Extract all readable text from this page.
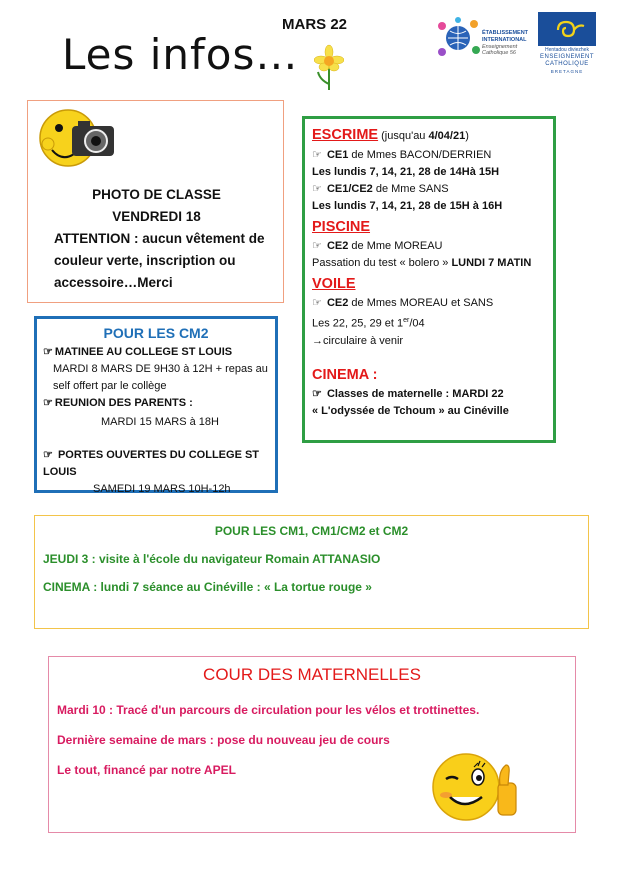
Les infos…
MARS 22	ÉTABLISSEMENT
INTERNATIONAL
Enseignement Catholique 56	Hentadou diviezhek
ENSEIGNEMENT
CATHOLIQUE
BRETAGNE
PHOTO DE CLASSE
VENDREDI 18
ATTENTION : aucun vêtement de
couleur verte, inscription ou
accessoire…Merci
POUR LES CM2
☞ MATINEE AU COLLEGE ST LOUIS
MARDI 8 MARS DE 9H30 à 12H + repas au
self offert par le collège
☞ REUNION DES PARENTS :
MARDI 15 MARS à 18H
☞ PORTES OUVERTES DU COLLEGE ST LOUIS
SAMEDI 19 MARS 10H-12h
ESCRIME (jusqu'au 4/04/21)
☞ CE1 de Mmes BACON/DERRIEN
Les lundis 7, 14, 21, 28 de 14Hà 15H
☞ CE1/CE2 de Mme SANS
Les lundis 7, 14, 21, 28 de 15H à 16H
PISCINE
☞ CE2 de Mme MOREAU
Passation du test « bolero » LUNDI 7 MATIN
VOILE
☞ CE2 de Mmes MOREAU et SANS
Les 22, 25, 29 et 1er/04
→circulaire à venir
CINEMA :
☞ Classes de maternelle : MARDI 22
« L'odyssée de Tchoum » au Cinéville
POUR LES CM1, CM1/CM2 et CM2
JEUDI 3 : visite à l'école du navigateur Romain ATTANASIO
CINEMA : lundi 7 séance au Cinéville : « La tortue rouge »
COUR DES MATERNELLES
Mardi 10 : Tracé d'un parcours de circulation pour les vélos et trottinettes.
Dernière semaine de mars : pose du nouveau jeu de cours
Le tout, financé par notre APEL
